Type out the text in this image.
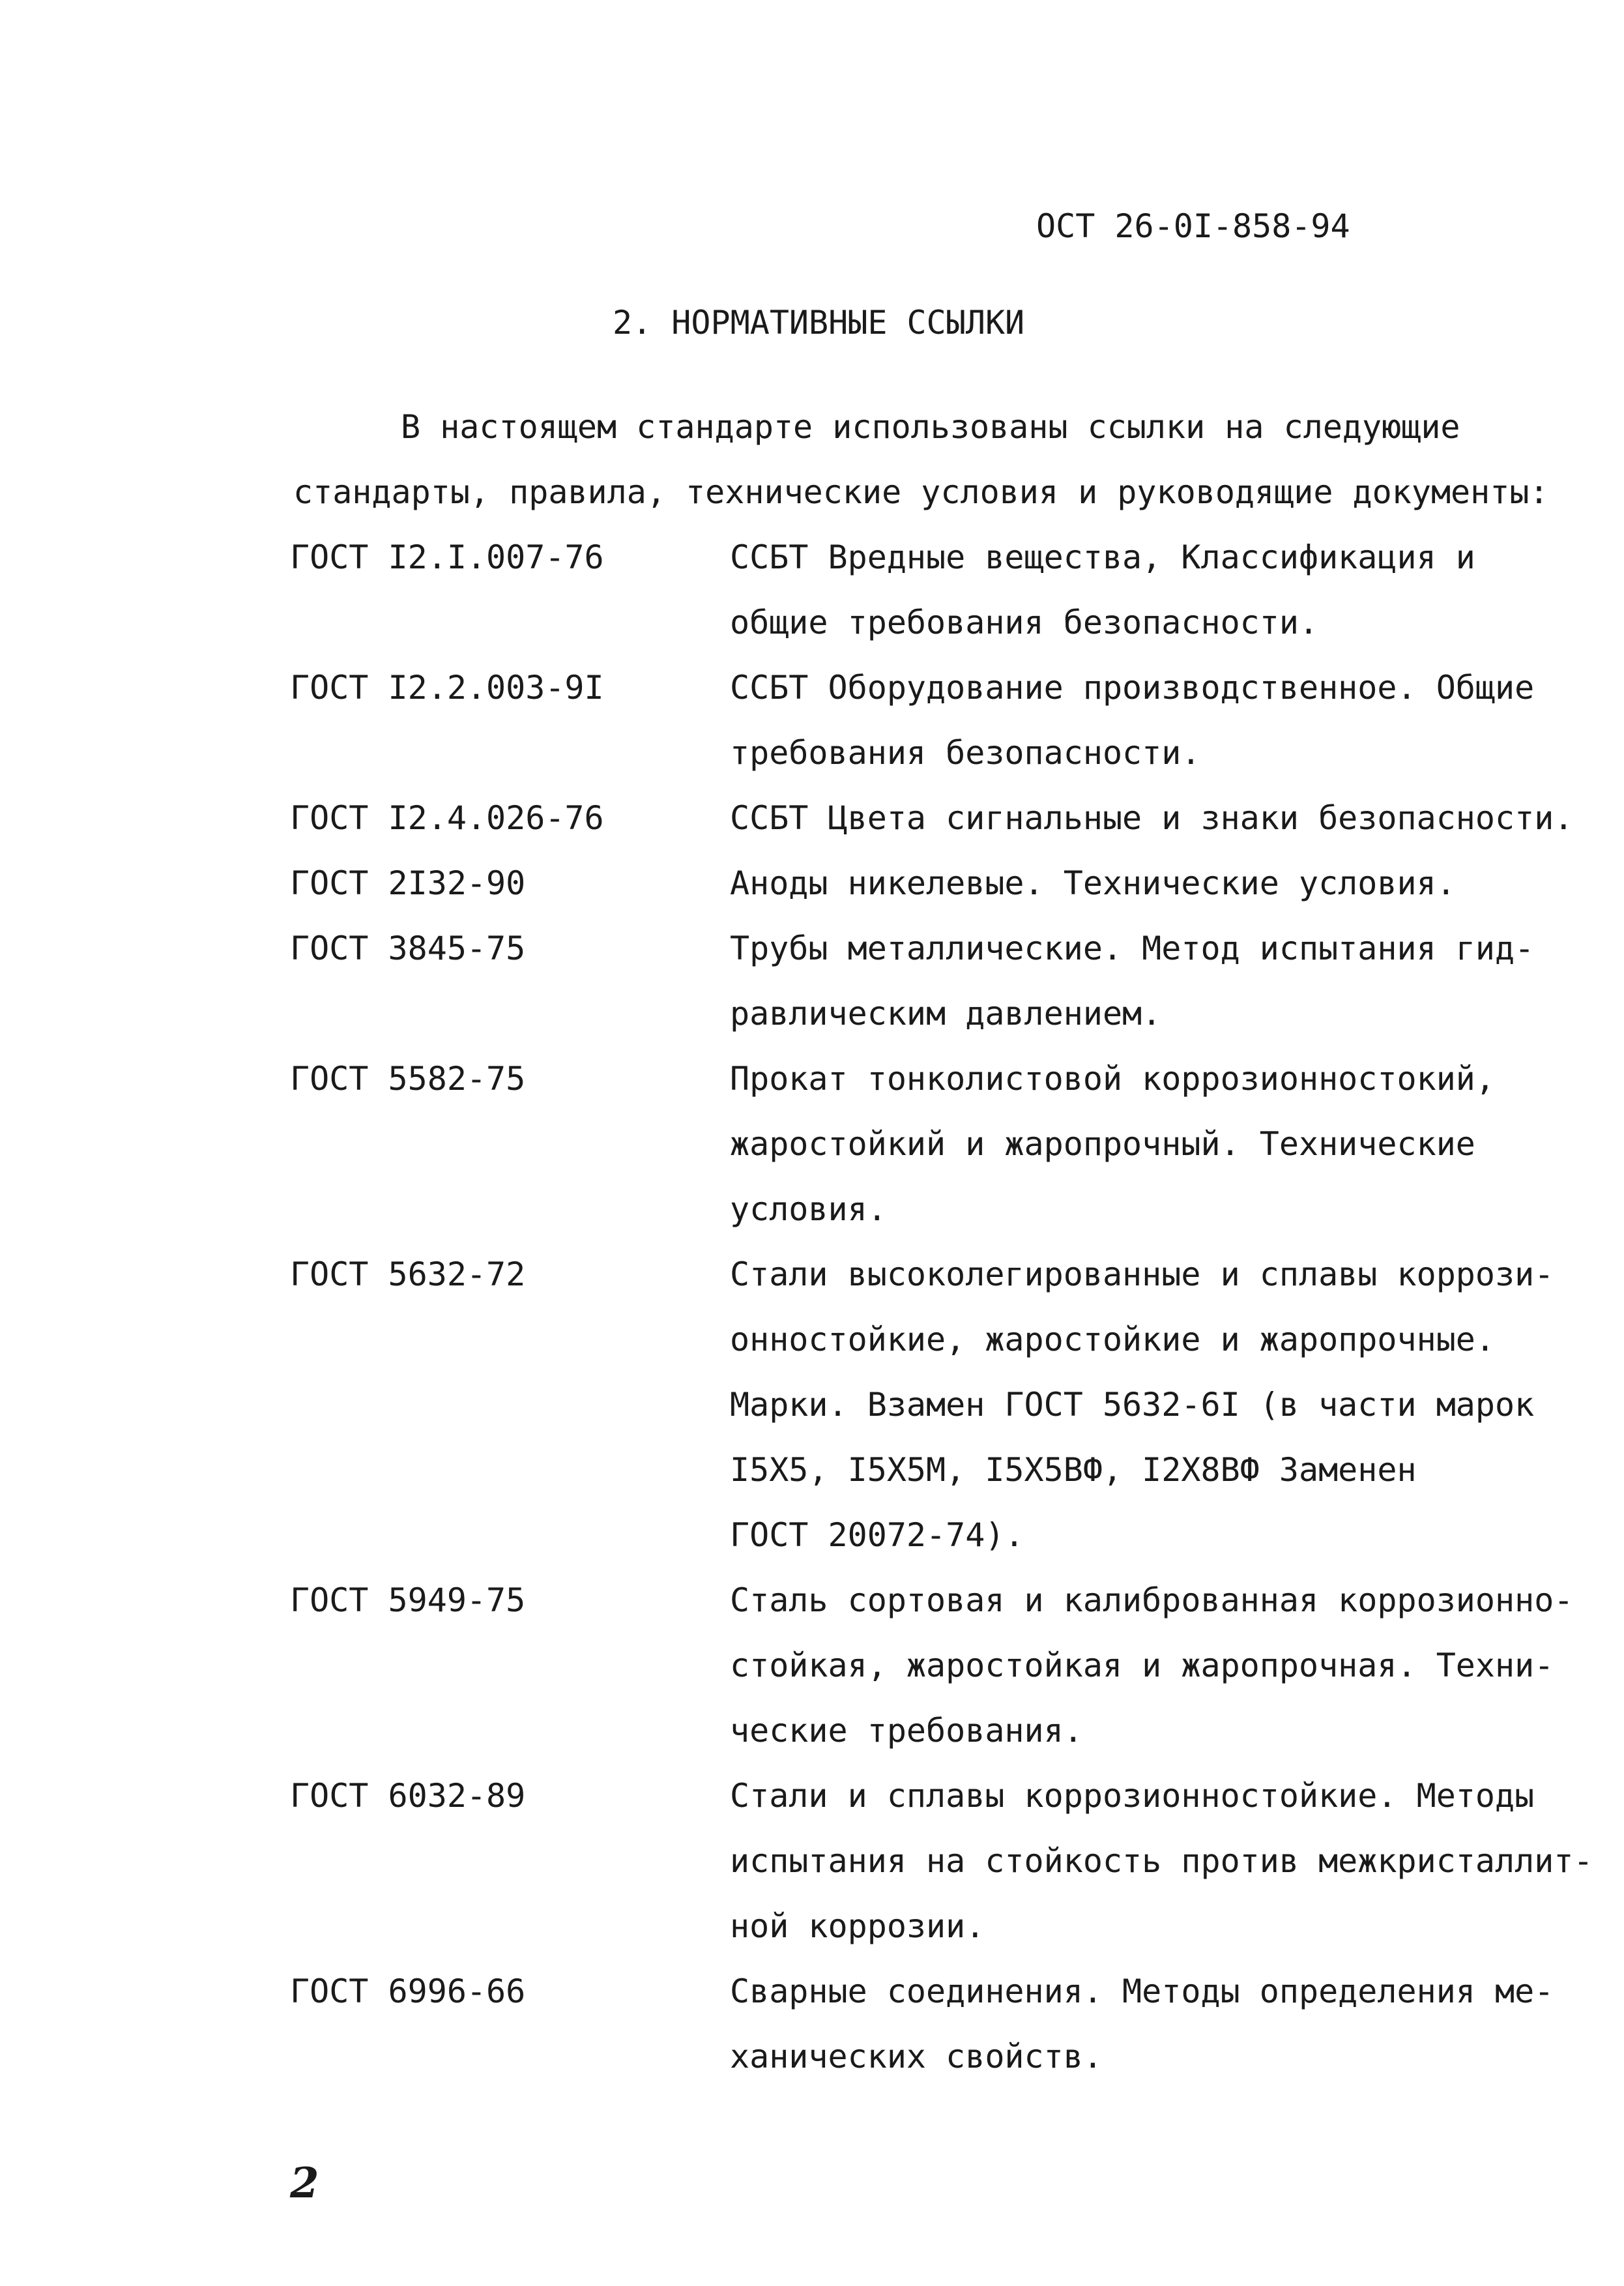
ОСТ 26-0I-858-94
2. НОРМАТИВНЫЕ ССЫЛКИ
В настоящем стандарте использованы ссылки на следующие
стандарты, правила, технические условия и руководящие документы:
ГОСТ I2.I.007-76	ССБТ Вредные вещества, Классификация и
общие требования безопасности.
ГОСТ I2.2.003-9I	ССБТ Оборудование производственное. Общие
требования безопасности.
ГОСТ I2.4.026-76	ССБТ Цвета сигнальные и знаки безопасности.
ГОСТ 2I32-90	Аноды никелевые. Технические условия.
ГОСТ 3845-75	Трубы металлические. Метод испытания гид-
равлическим давлением.
ГОСТ 5582-75	Прокат тонколистовой коррозионностокий,
жаростойкий и жаропрочный. Технические
условия.
ГОСТ 5632-72	Стали высоколегированные и сплавы коррози-
онностойкие, жаростойкие и жаропрочные.
Марки. Взамен ГОСТ 5632-6I (в части марок
I5Х5, I5Х5М, I5Х5ВФ, I2Х8ВФ Заменен
ГОСТ 20072-74).
ГОСТ 5949-75	Сталь сортовая и калиброванная коррозионно-
стойкая, жаростойкая и жаропрочная. Техни-
ческие требования.
ГОСТ 6032-89	Стали и сплавы коррозионностойкие. Методы
испытания на стойкость против межкристаллит-
ной коррозии.
ГОСТ 6996-66	Сварные соединения. Методы определения ме-
ханических свойств.
2
